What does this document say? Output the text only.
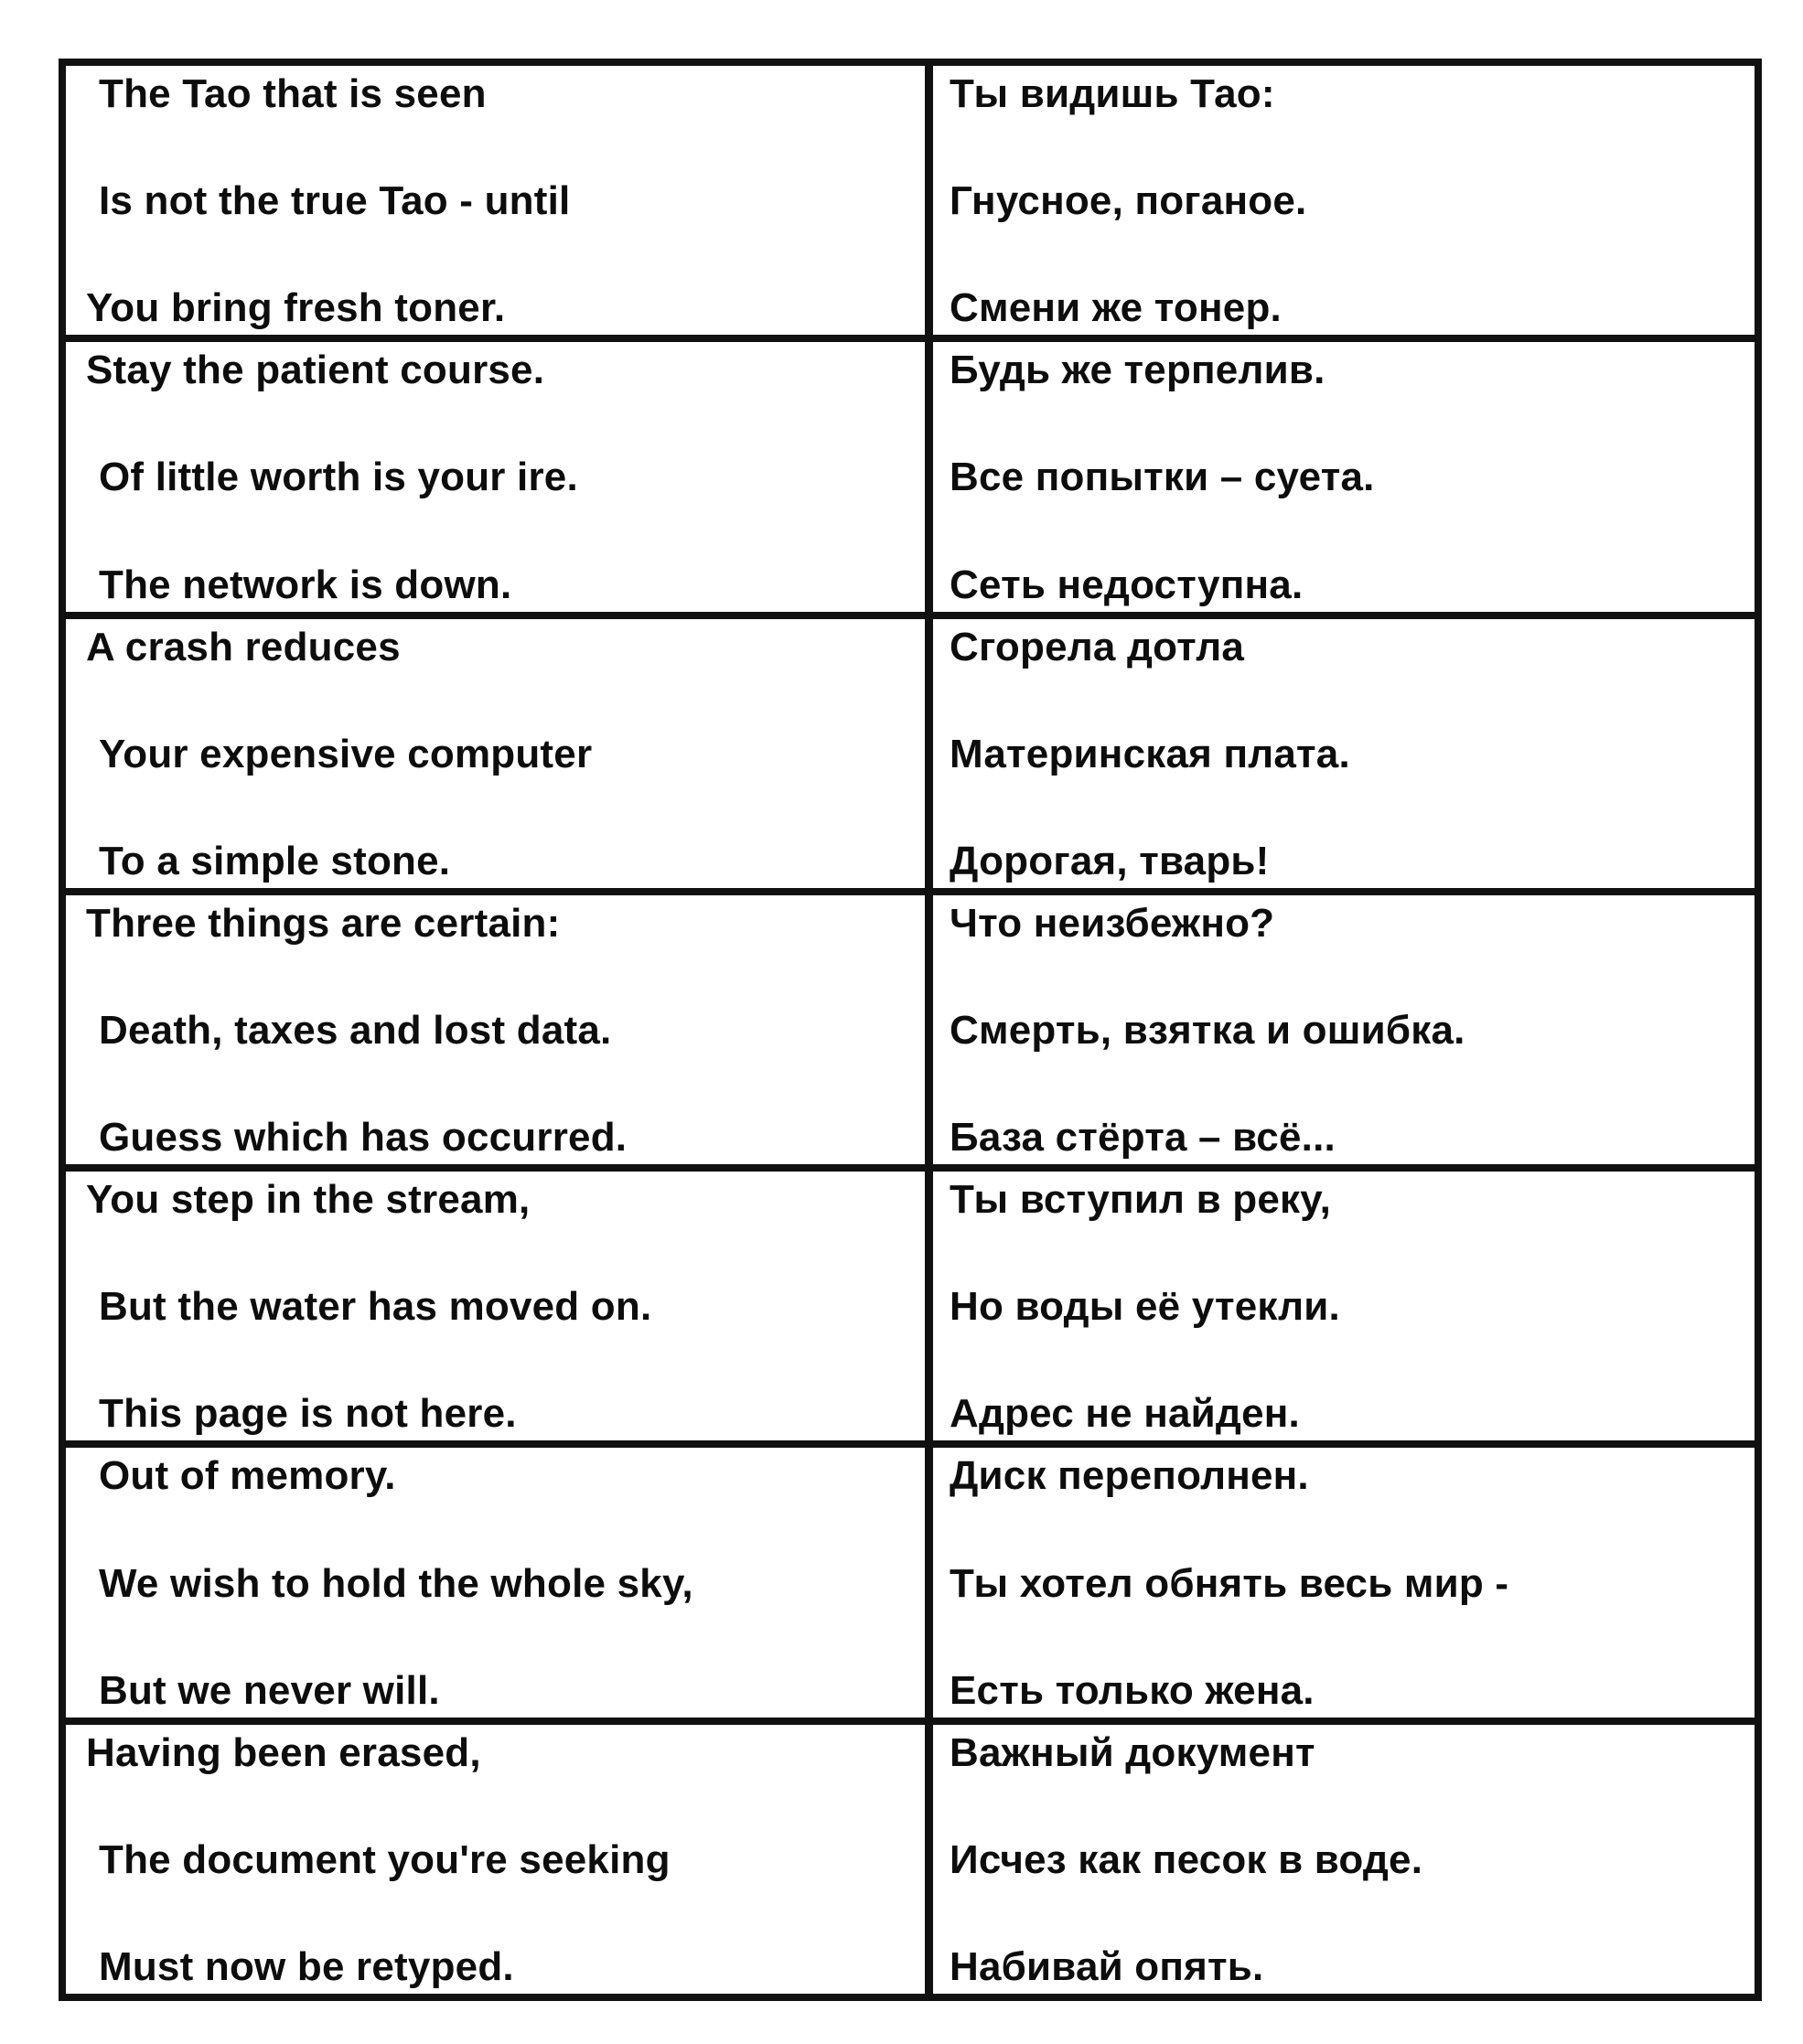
The Tao that is seen
Is not the true Tao - until
You bring fresh toner.
Ты видишь Тао:
Гнусное, поганое.
Смени же тонер.
Stay the patient course.
Of little worth is your ire.
The network is down.
Будь же терпелив.
Все попытки – суета.
Сеть недоступна.
A crash reduces
Your expensive computer
To a simple stone.
Сгорела дотла
Материнская плата.
Дорогая, тварь!
Three things are certain:
Death, taxes and lost data.
Guess which has occurred.
Что неизбежно?
Смерть, взятка и ошибка.
База стёрта – всё...
You step in the stream,
But the water has moved on.
This page is not here.
Ты вступил в реку,
Но воды её утекли.
Адрес не найден.
Out of memory.
We wish to hold the whole sky,
But we never will.
Диск переполнен.
Ты хотел обнять весь мир -
Есть только жена.
Having been erased,
The document you're seeking
Must now be retyped.
Важный документ
Исчез как песок в воде.
Набивай опять.
